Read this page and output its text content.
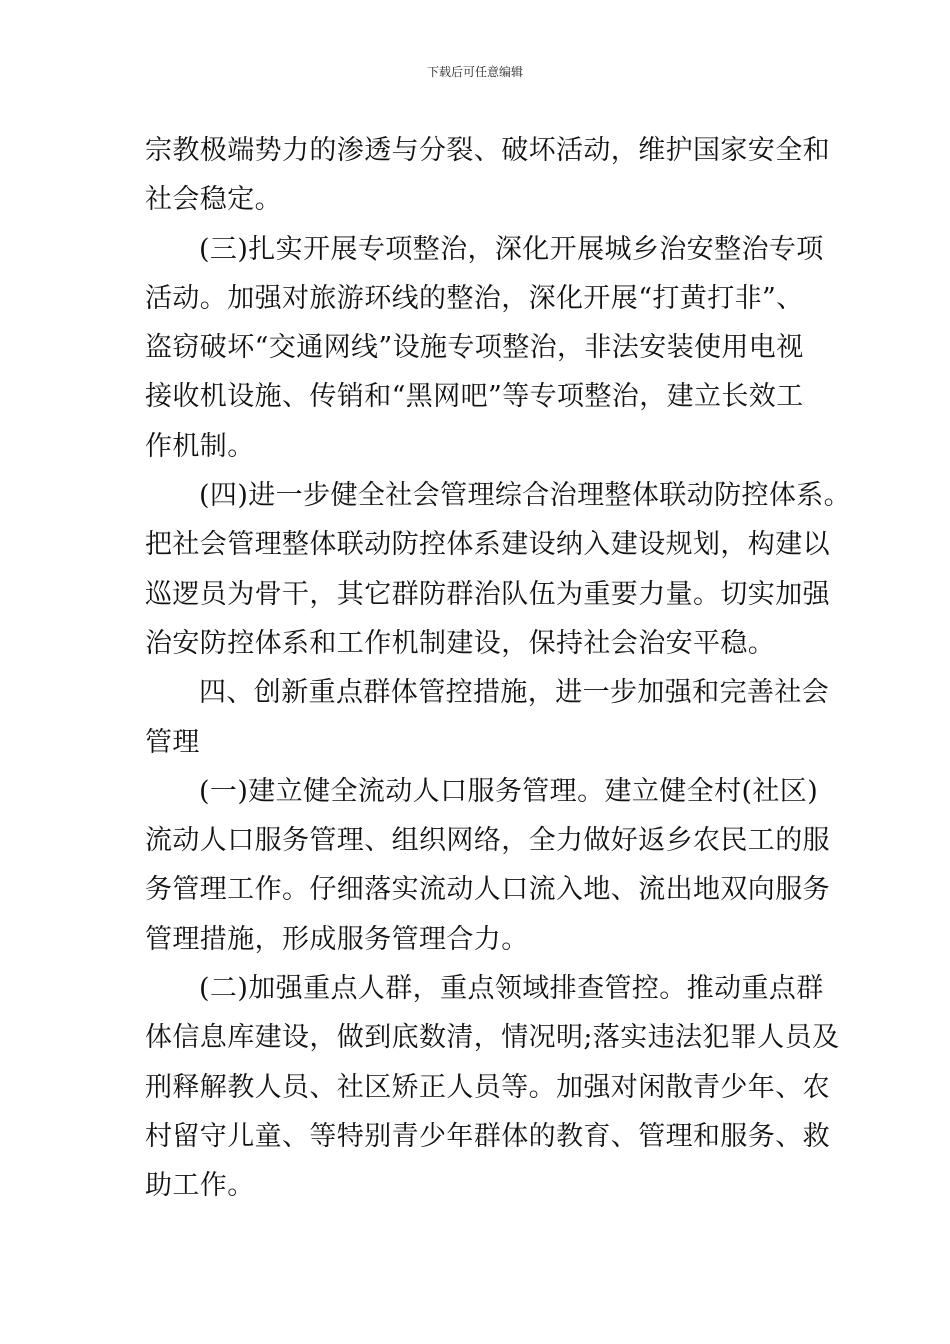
下载后可任意编辑
宗教极端势力的渗透与分裂、破坏活动，维护国家安全和
社会稳定。
(三)扎实开展专项整治，深化开展城乡治安整治专项
活动。加强对旅游环线的整治，深化开展“打黄打非”、
盗窃破坏“交通网线”设施专项整治，非法安装使用电视
接收机设施、传销和“黑网吧”等专项整治，建立长效工
作机制。
(四)进一步健全社会管理综合治理整体联动防控体系。
把社会管理整体联动防控体系建设纳入建设规划，构建以
巡逻员为骨干，其它群防群治队伍为重要力量。切实加强
治安防控体系和工作机制建设，保持社会治安平稳。
四、创新重点群体管控措施，进一步加强和完善社会
管理
(一)建立健全流动人口服务管理。建立健全村(社区)
流动人口服务管理、组织网络，全力做好返乡农民工的服
务管理工作。仔细落实流动人口流入地、流出地双向服务
管理措施，形成服务管理合力。
(二)加强重点人群，重点领域排查管控。推动重点群
体信息库建设，做到底数清，情况明;落实违法犯罪人员及
刑释解教人员、社区矫正人员等。加强对闲散青少年、农
村留守儿童、等特别青少年群体的教育、管理和服务、救
助工作。
